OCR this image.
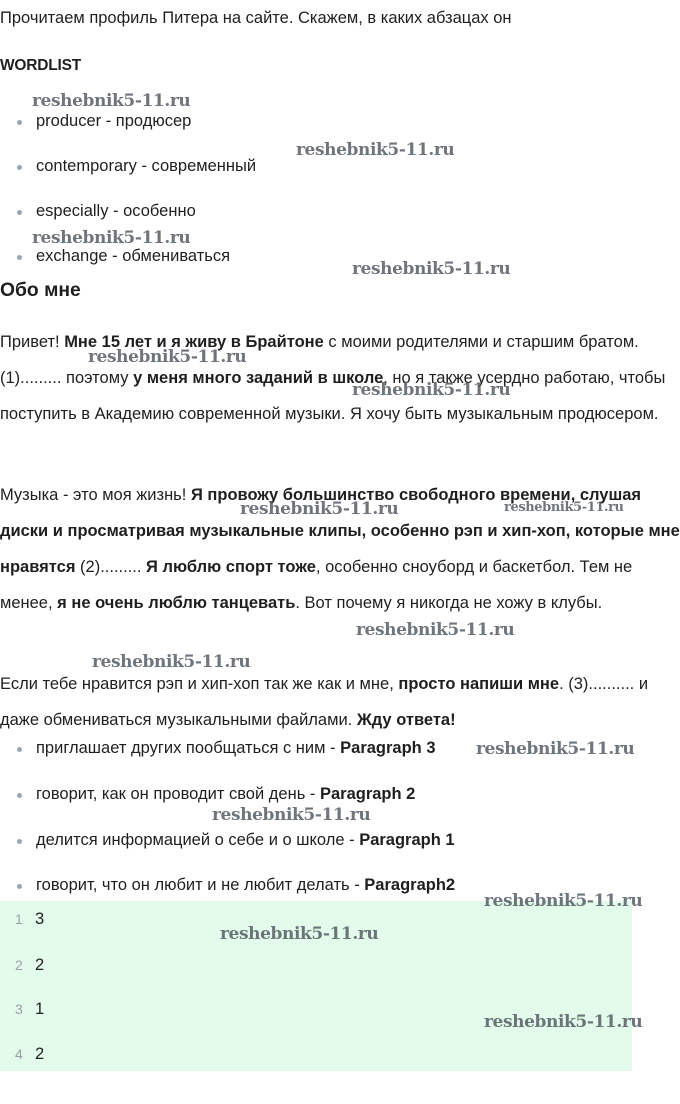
Прочитаем профиль Питера на сайте. Скажем, в каких абзацах он

WORDLIST
producer - продюсер
contemporary - современный
especially - особенно
exchange - обмениваться
Обо мне

Привет! Мне 15 лет и я живу в Брайтоне с моими родителями и старшим братом. (1)......... поэтому у меня много заданий в школе, но я также усердно работаю, чтобы поступить в Академию современной музыки. Я хочу быть музыкальным продюсером.

Музыка - это моя жизнь! Я провожу большинство свободного времени, слушая диски и просматривая музыкальные клипы, особенно рэп и хип-хоп, которые мне нравятся (2)......... Я люблю спорт тоже, особенно сноуборд и баскетбол. Тем не менее, я не очень люблю танцевать. Вот почему я никогда не хожу в клубы.

Если тебе нравится рэп и хип-хоп так же как и мне, просто напиши мне. (3).......... и даже обмениваться музыкальными файлами. Жду ответа!

приглашает других пообщаться с ним - Paragraph 3
говорит, как он проводит свой день - Paragraph 2
делится информацией о себе и о школе - Paragraph 1
говорит, что он любит и не любит делать - Paragraph2
1 3
2 2
3 1
4 2
reshebnik5-11.ru
reshebnik5-11.ru
reshebnik5-11.ru
reshebnik5-11.ru
reshebnik5-11.ru
reshebnik5-11.ru
reshebnik5-11.ru	reshebnik5-11.ru
reshebnik5-11.ru
reshebnik5-11.ru
reshebnik5-11.ru
reshebnik5-11.ru
reshebnik5-11.ru
reshebnik5-11.ru
reshebnik5-11.ru
